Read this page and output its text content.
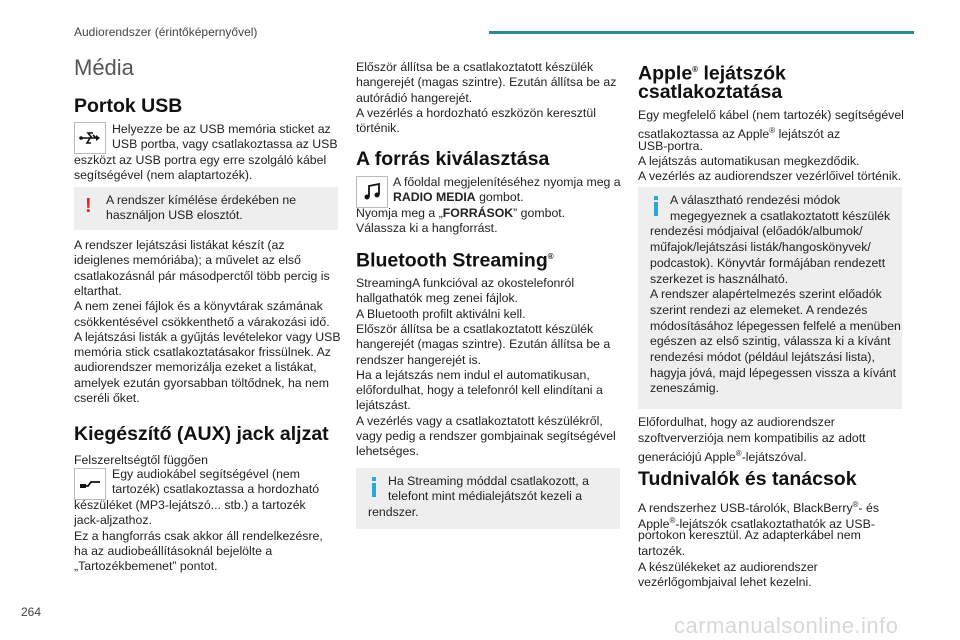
Audiorendszer (érintőképernyővel)
Média
Portok USB

Helyezze be az USB memória sticket az

USB portba, vagy csatlakoztassa az USB

eszközt az USB portra egy erre szolgáló kábel

segítségével (nem alaptartozék).

! A rendszer kímélése érdekében ne

használjon USB elosztót.

A rendszer lejátszási listákat készít (az

ideiglenes memóriába); a művelet az első

csatlakozásnál pár másodperctől több percig is

eltarthat.

A nem zenei fájlok és a könyvtárak számának

csökkentésével csökkenthető a várakozási idő.

A lejátszási listák a gyűjtás levételekor vagy USB

memória stick csatlakoztatásakor frissülnek. Az

audiorendszer memorizálja ezeket a listákat,

amelyek ezután gyorsabban töltődnek, ha nem

cseréli őket.

Kiegészítő (AUX) jack aljzat

Felszereltségtől függően

Egy audiokábel segítségével (nem

tartozék) csatlakoztassa a hordozható

készüléket (MP3-lejátszó... stb.) a tartozék

jack-aljzathoz.

Ez a hangforrás csak akkor áll rendelkezésre,

ha az audiobeállításoknál bejelölte a

„Tartozékbemenet” pontot.

Először állítsa be a csatlakoztatott készülék

hangerejét (magas szintre). Ezután állítsa be az

autórádió hangerejét.

A vezérlés a hordozható eszközön keresztül

történik.

A forrás kiválasztása

A főoldal megjelenítéséhez nyomja meg a

RADIO MEDIA gombot.

Nyomja meg a „FORRÁSOK” gombot.

Válassza ki a hangforrást.

Bluetooth Streaming®

StreamingA funkcióval az okostelefonról

hallgathatók meg zenei fájlok.

A Bluetooth profilt aktiválni kell.

Először állítsa be a csatlakoztatott készülék

hangerejét (magas szintre). Ezután állítsa be a

rendszer hangerejét is.

Ha a lejátszás nem indul el automatikusan,

előfordulhat, hogy a telefonról kell elindítani a

lejátszást.

A vezérlés vagy a csatlakoztatott készülékről,

vagy pedig a rendszer gombjainak segítségével

lehetséges.

Ha Streaming móddal csatlakozott, a

telefont mint médialejátszót kezeli a

rendszer.

Apple® lejátszók
csatlakoztatása

Egy megfelelő kábel (nem tartozék) segítségével

csatlakoztassa az Apple® lejátszót az

USB-portra.

A lejátszás automatikusan megkezdődik.

A vezérlés az audiorendszer vezérlőivel történik.

A választható rendezési módok

megegyeznek a csatlakoztatott készülék

rendezési módjaival (előadók/albumok/

műfajok/lejátszási listák/hangoskönyvek/

podcastok). Könyvtár formájában rendezett

szerkezet is használható.

A rendszer alapértelmezés szerint előadók

szerint rendezi az elemeket. A rendezés

módosításához lépegessen felfelé a menüben

egészen az első szintig, válassza ki a kívánt

rendezési módot (például lejátszási lista),

hagyja jóvá, majd lépegessen vissza a kívánt

zeneszámig.

Előfordulhat, hogy az audiorendszer

szoftververziója nem kompatibilis az adott

generációjú Apple®-lejátszóval.

Tudnivalók és tanácsok

A rendszerhez USB-tárolók, BlackBerry®- és

Apple®-lejátszók csatlakoztathatók az USB-

portokon keresztül. Az adapterkábel nem

tartozék.

A készülékeket az audiorendszer

vezérlőgombjaival lehet kezelni.

264
carmanualsonline.info
